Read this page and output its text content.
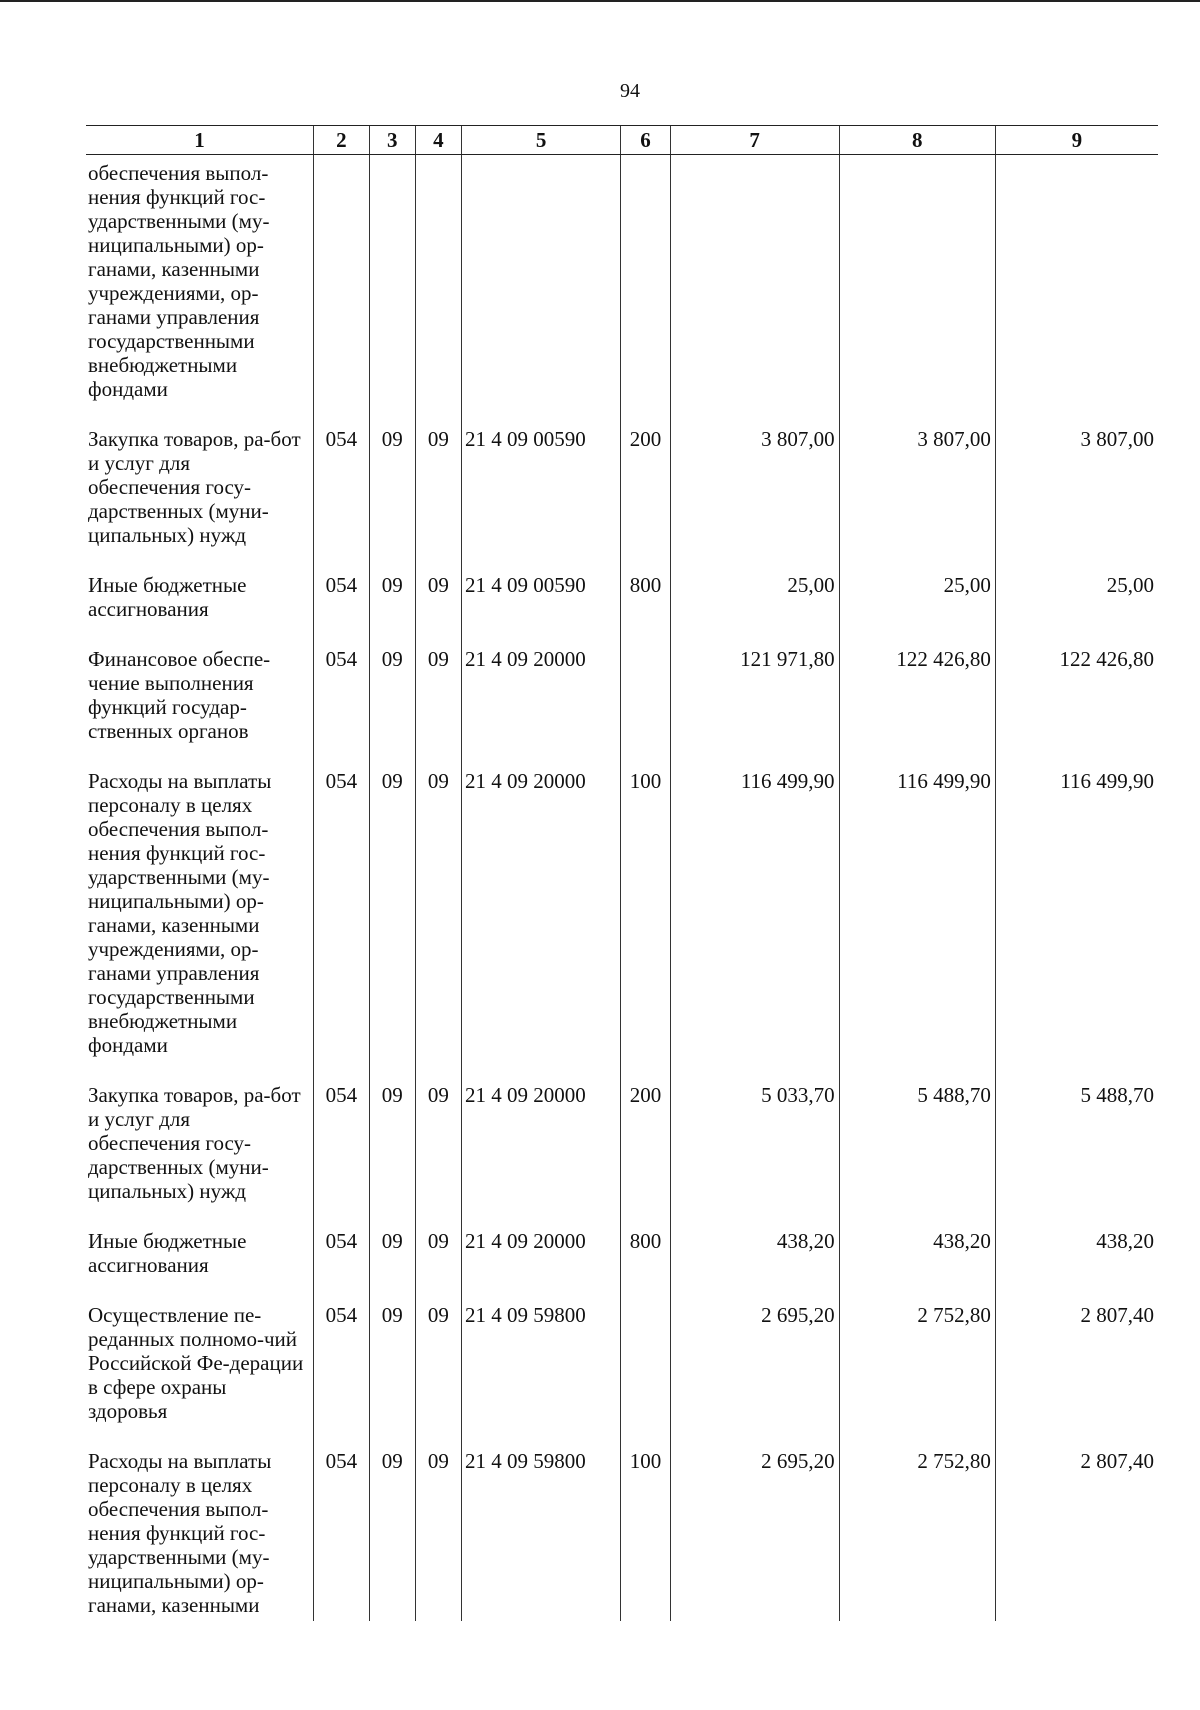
94
1	2	3	4	5	6	7	8	9
обеспечения выпол-нения функций гос-ударственными (му-ниципальными) ор-ганами, казенными учреждениями, ор-ганами управления государственными внебюджетными фондами								
Закупка товаров, ра-бот и услуг для обеспечения госу-дарственных (муни-ципальных) нужд	054	09	09	21 4 09 00590	200	3 807,00	3 807,00	3 807,00
Иные бюджетные ассигнования	054	09	09	21 4 09 00590	800	25,00	25,00	25,00
Финансовое обеспе-чение выполнения функций государ-ственных органов	054	09	09	21 4 09 20000		121 971,80	122 426,80	122 426,80
Расходы на выплаты персоналу в целях обеспечения выпол-нения функций гос-ударственными (му-ниципальными) ор-ганами, казенными учреждениями, ор-ганами управления государственными внебюджетными фондами	054	09	09	21 4 09 20000	100	116 499,90	116 499,90	116 499,90
Закупка товаров, ра-бот и услуг для обеспечения госу-дарственных (муни-ципальных) нужд	054	09	09	21 4 09 20000	200	5 033,70	5 488,70	5 488,70
Иные бюджетные ассигнования	054	09	09	21 4 09 20000	800	438,20	438,20	438,20
Осуществление пе-реданных полномо-чий Российской Фе-дерации в сфере охраны здоровья	054	09	09	21 4 09 59800		2 695,20	2 752,80	2 807,40
Расходы на выплаты персоналу в целях обеспечения выпол-нения функций гос-ударственными (му-ниципальными) ор-ганами, казенными	054	09	09	21 4 09 59800	100	2 695,20	2 752,80	2 807,40
